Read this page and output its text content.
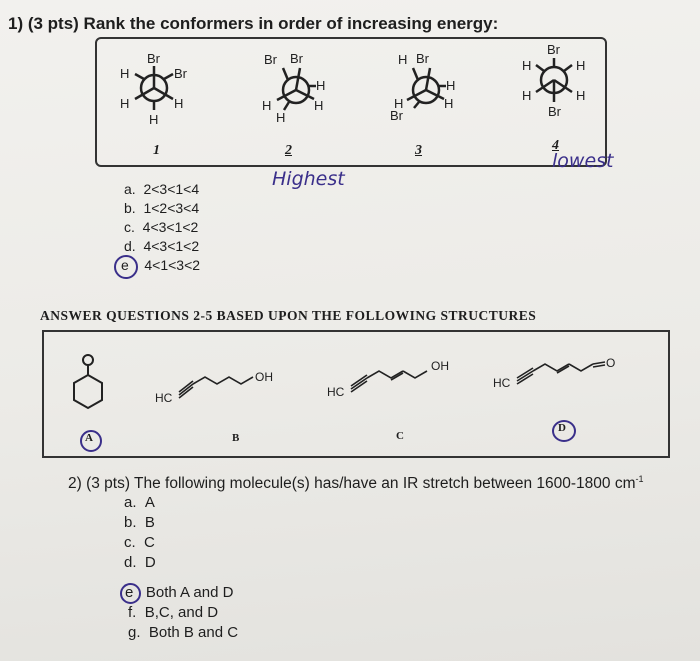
1) (3 pts) Rank the conformers in order of increasing energy:
Br
H	Br
H	H
H
1
Br Br
H
H
H
H
2
H Br
H
H
H
Br
3
Br
H	H
H	H
Br
4
Highest
lowest
a. 2<3<1<4
b. 1<2<3<4
c. 4<3<1<2
d. 4<3<1<2
e 4<1<3<2
ANSWER QUESTIONS 2-5 BASED UPON THE FOLLOWING STRUCTURES
A
HC
OH
B
HC
OH
C
HC
O
D
2) (3 pts) The following molecule(s) has/have an IR stretch between 1600-1800 $cm^{-1}$
a. A
b. B
c. C
d. D
e Both A and D
f. B,C, and D
g. Both B and C
